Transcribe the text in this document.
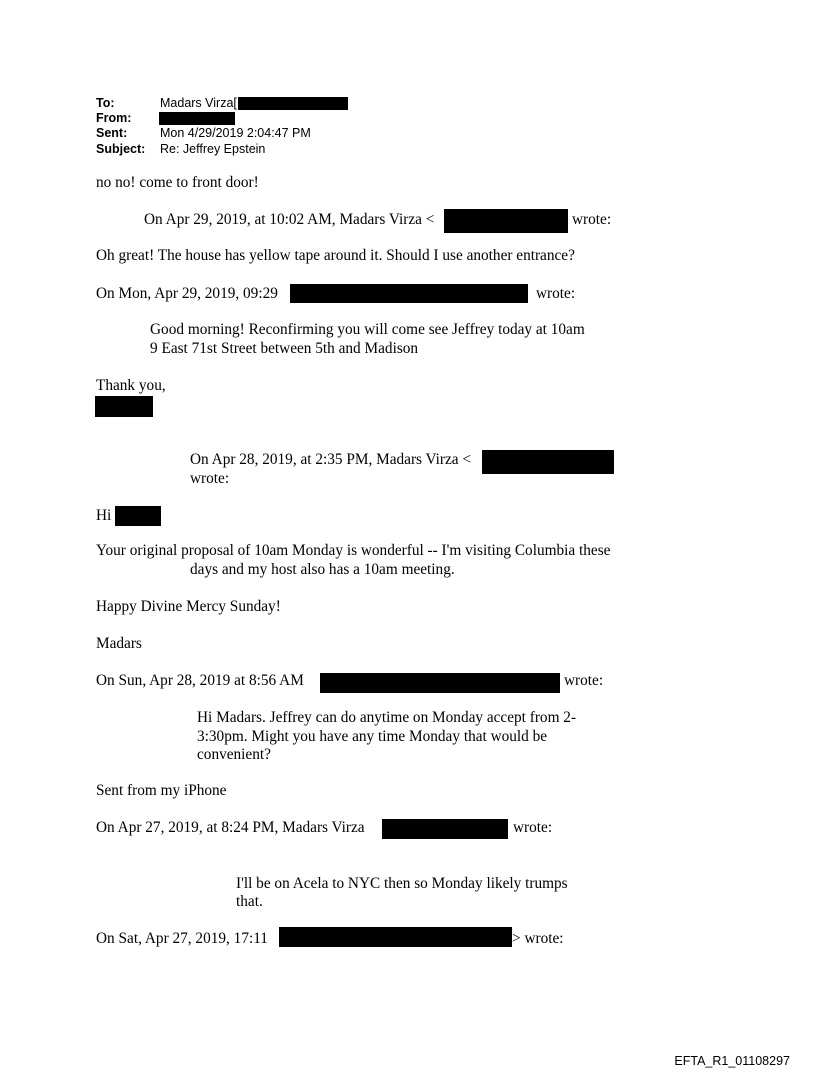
To:	Madars Virza[
From:
Sent:	Mon 4/29/2019 2:04:47 PM
Subject: Re: Jeffrey Epstein
no no! come to front door!
On Apr 29, 2019, at 10:02 AM, Madars Virza <	wrote:
Oh great! The house has yellow tape around it. Should I use another entrance?
On Mon, Apr 29, 2019, 09:29	wrote:
Good morning! Reconfirming you will come see Jeffrey today at 10am
9 East 71st Street between 5th and Madison
Thank you,
On Apr 28, 2019, at 2:35 PM, Madars Virza <
wrote:
Hi
Your original proposal of 10am Monday is wonderful -- I'm visiting Columbia these
days and my host also has a 10am meeting.
Happy Divine Mercy Sunday!
Madars
On Sun, Apr 28, 2019 at 8:56 AM	wrote:
Hi Madars. Jeffrey can do anytime on Monday accept from 2-
3:30pm. Might you have any time Monday that would be
convenient?
Sent from my iPhone
On Apr 27, 2019, at 8:24 PM, Madars Virza	wrote:
I'll be on Acela to NYC then so Monday likely trumps
that.
On Sat, Apr 27, 2019, 17:11	> wrote:
EFTA_R1_01108297
